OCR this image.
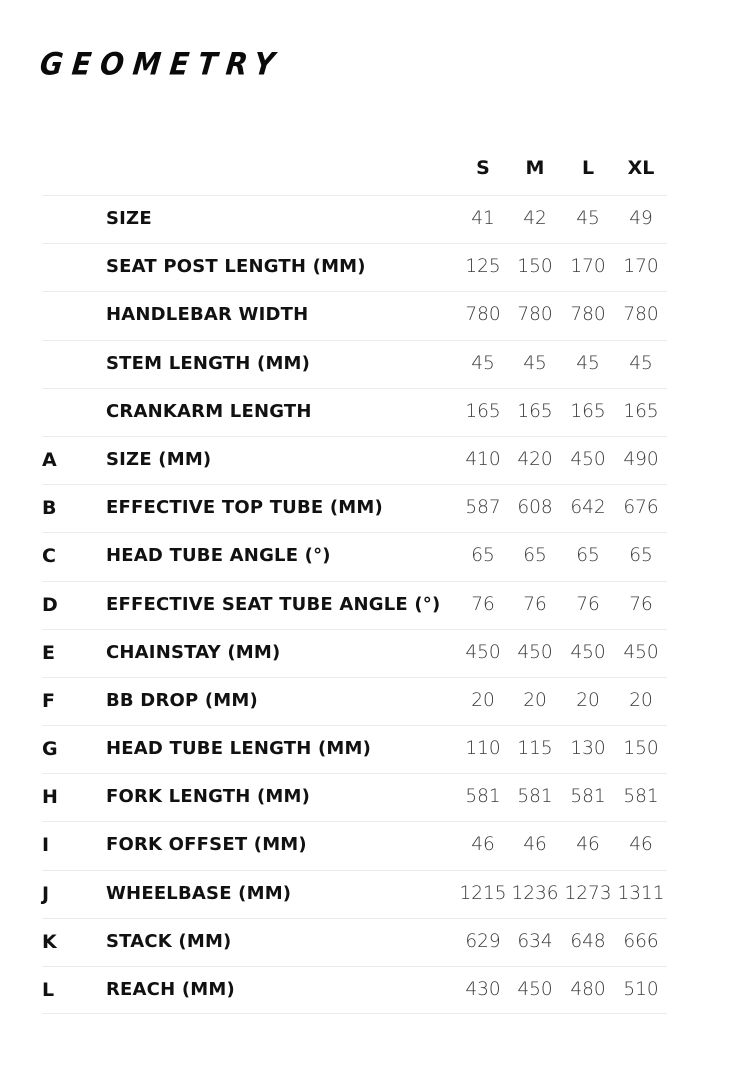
GEOMETRY
S	M	L	XL
SIZE	41	42	45	49
SEAT POST LENGTH (MM)	125 150 170 170
HANDLEBAR WIDTH	780 780 780 780
STEM LENGTH (MM)	45	45	45	45
CRANKARM LENGTH	165 165 165 165
A	SIZE (MM)	410 420 450 490
B	EFFECTIVE TOP TUBE (MM)	587 608 642 676
C	HEAD TUBE ANGLE (°)	65	65	65	65
D	EFFECTIVE SEAT TUBE ANGLE (°)	76	76	76	76
E	CHAINSTAY (MM)	450 450 450 450
F	BB DROP (MM)	20	20	20	20
G	HEAD TUBE LENGTH (MM)	110 115 130 150
H	FORK LENGTH (MM)	581 581 581 581
I	FORK OFFSET (MM)	46	46	46	46
J	WHEELBASE (MM)	1215 1236 1273 1311
K	STACK (MM)	629 634 648 666
L	REACH (MM)	430 450 480 510
